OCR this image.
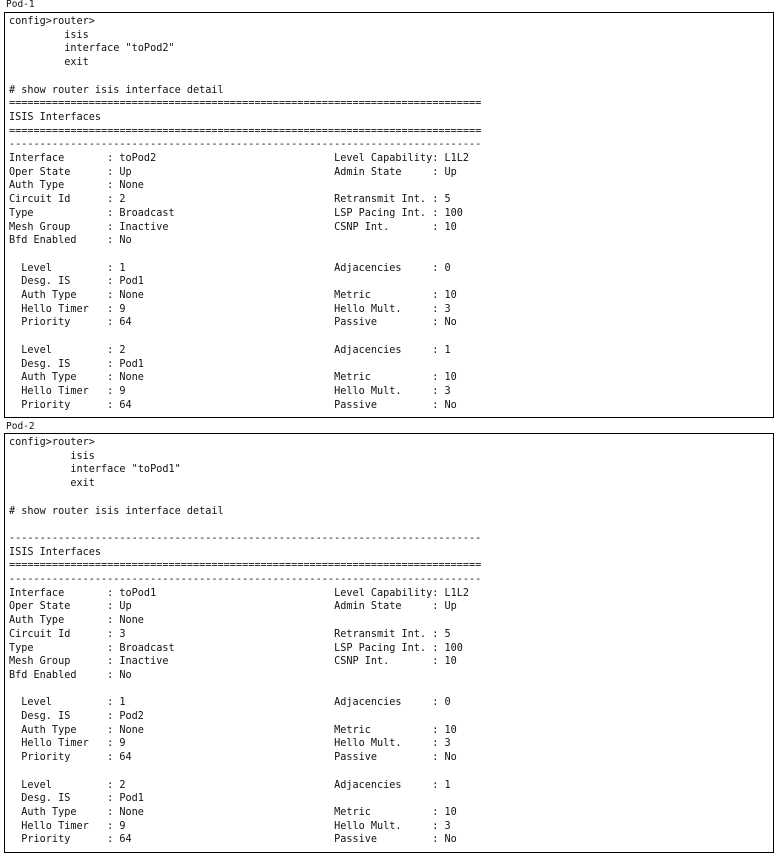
Pod-1
config>router>
isis
interface "toPod2"
exit

# show router isis interface detail
=============================================================================
ISIS Interfaces
=============================================================================
-----------------------------------------------------------------------------
Interface       : toPod2                             Level Capability: L1L2
Oper State      : Up                                 Admin State     : Up
Auth Type       : None
Circuit Id      : 2                                  Retransmit Int. : 5
Type            : Broadcast                          LSP Pacing Int. : 100
Mesh Group      : Inactive                           CSNP Int.       : 10
Bfd Enabled     : No

Level         : 1                                  Adjacencies     : 0
Desg. IS      : Pod1
Auth Type     : None                               Metric          : 10
Hello Timer   : 9                                  Hello Mult.     : 3
Priority      : 64                                 Passive         : No

Level         : 2                                  Adjacencies     : 1
Desg. IS      : Pod1
Auth Type     : None                               Metric          : 10
Hello Timer   : 9                                  Hello Mult.     : 3
Priority      : 64                                 Passive         : No
Pod-2
config>router>
isis
interface "toPod1"
exit

# show router isis interface detail

-----------------------------------------------------------------------------
ISIS Interfaces
=============================================================================
-----------------------------------------------------------------------------
Interface       : toPod1                             Level Capability: L1L2
Oper State      : Up                                 Admin State     : Up
Auth Type       : None
Circuit Id      : 3                                  Retransmit Int. : 5
Type            : Broadcast                          LSP Pacing Int. : 100
Mesh Group      : Inactive                           CSNP Int.       : 10
Bfd Enabled     : No

Level         : 1                                  Adjacencies     : 0
Desg. IS      : Pod2
Auth Type     : None                               Metric          : 10
Hello Timer   : 9                                  Hello Mult.     : 3
Priority      : 64                                 Passive         : No

Level         : 2                                  Adjacencies     : 1
Desg. IS      : Pod1
Auth Type     : None                               Metric          : 10
Hello Timer   : 9                                  Hello Mult.     : 3
Priority      : 64                                 Passive         : No
